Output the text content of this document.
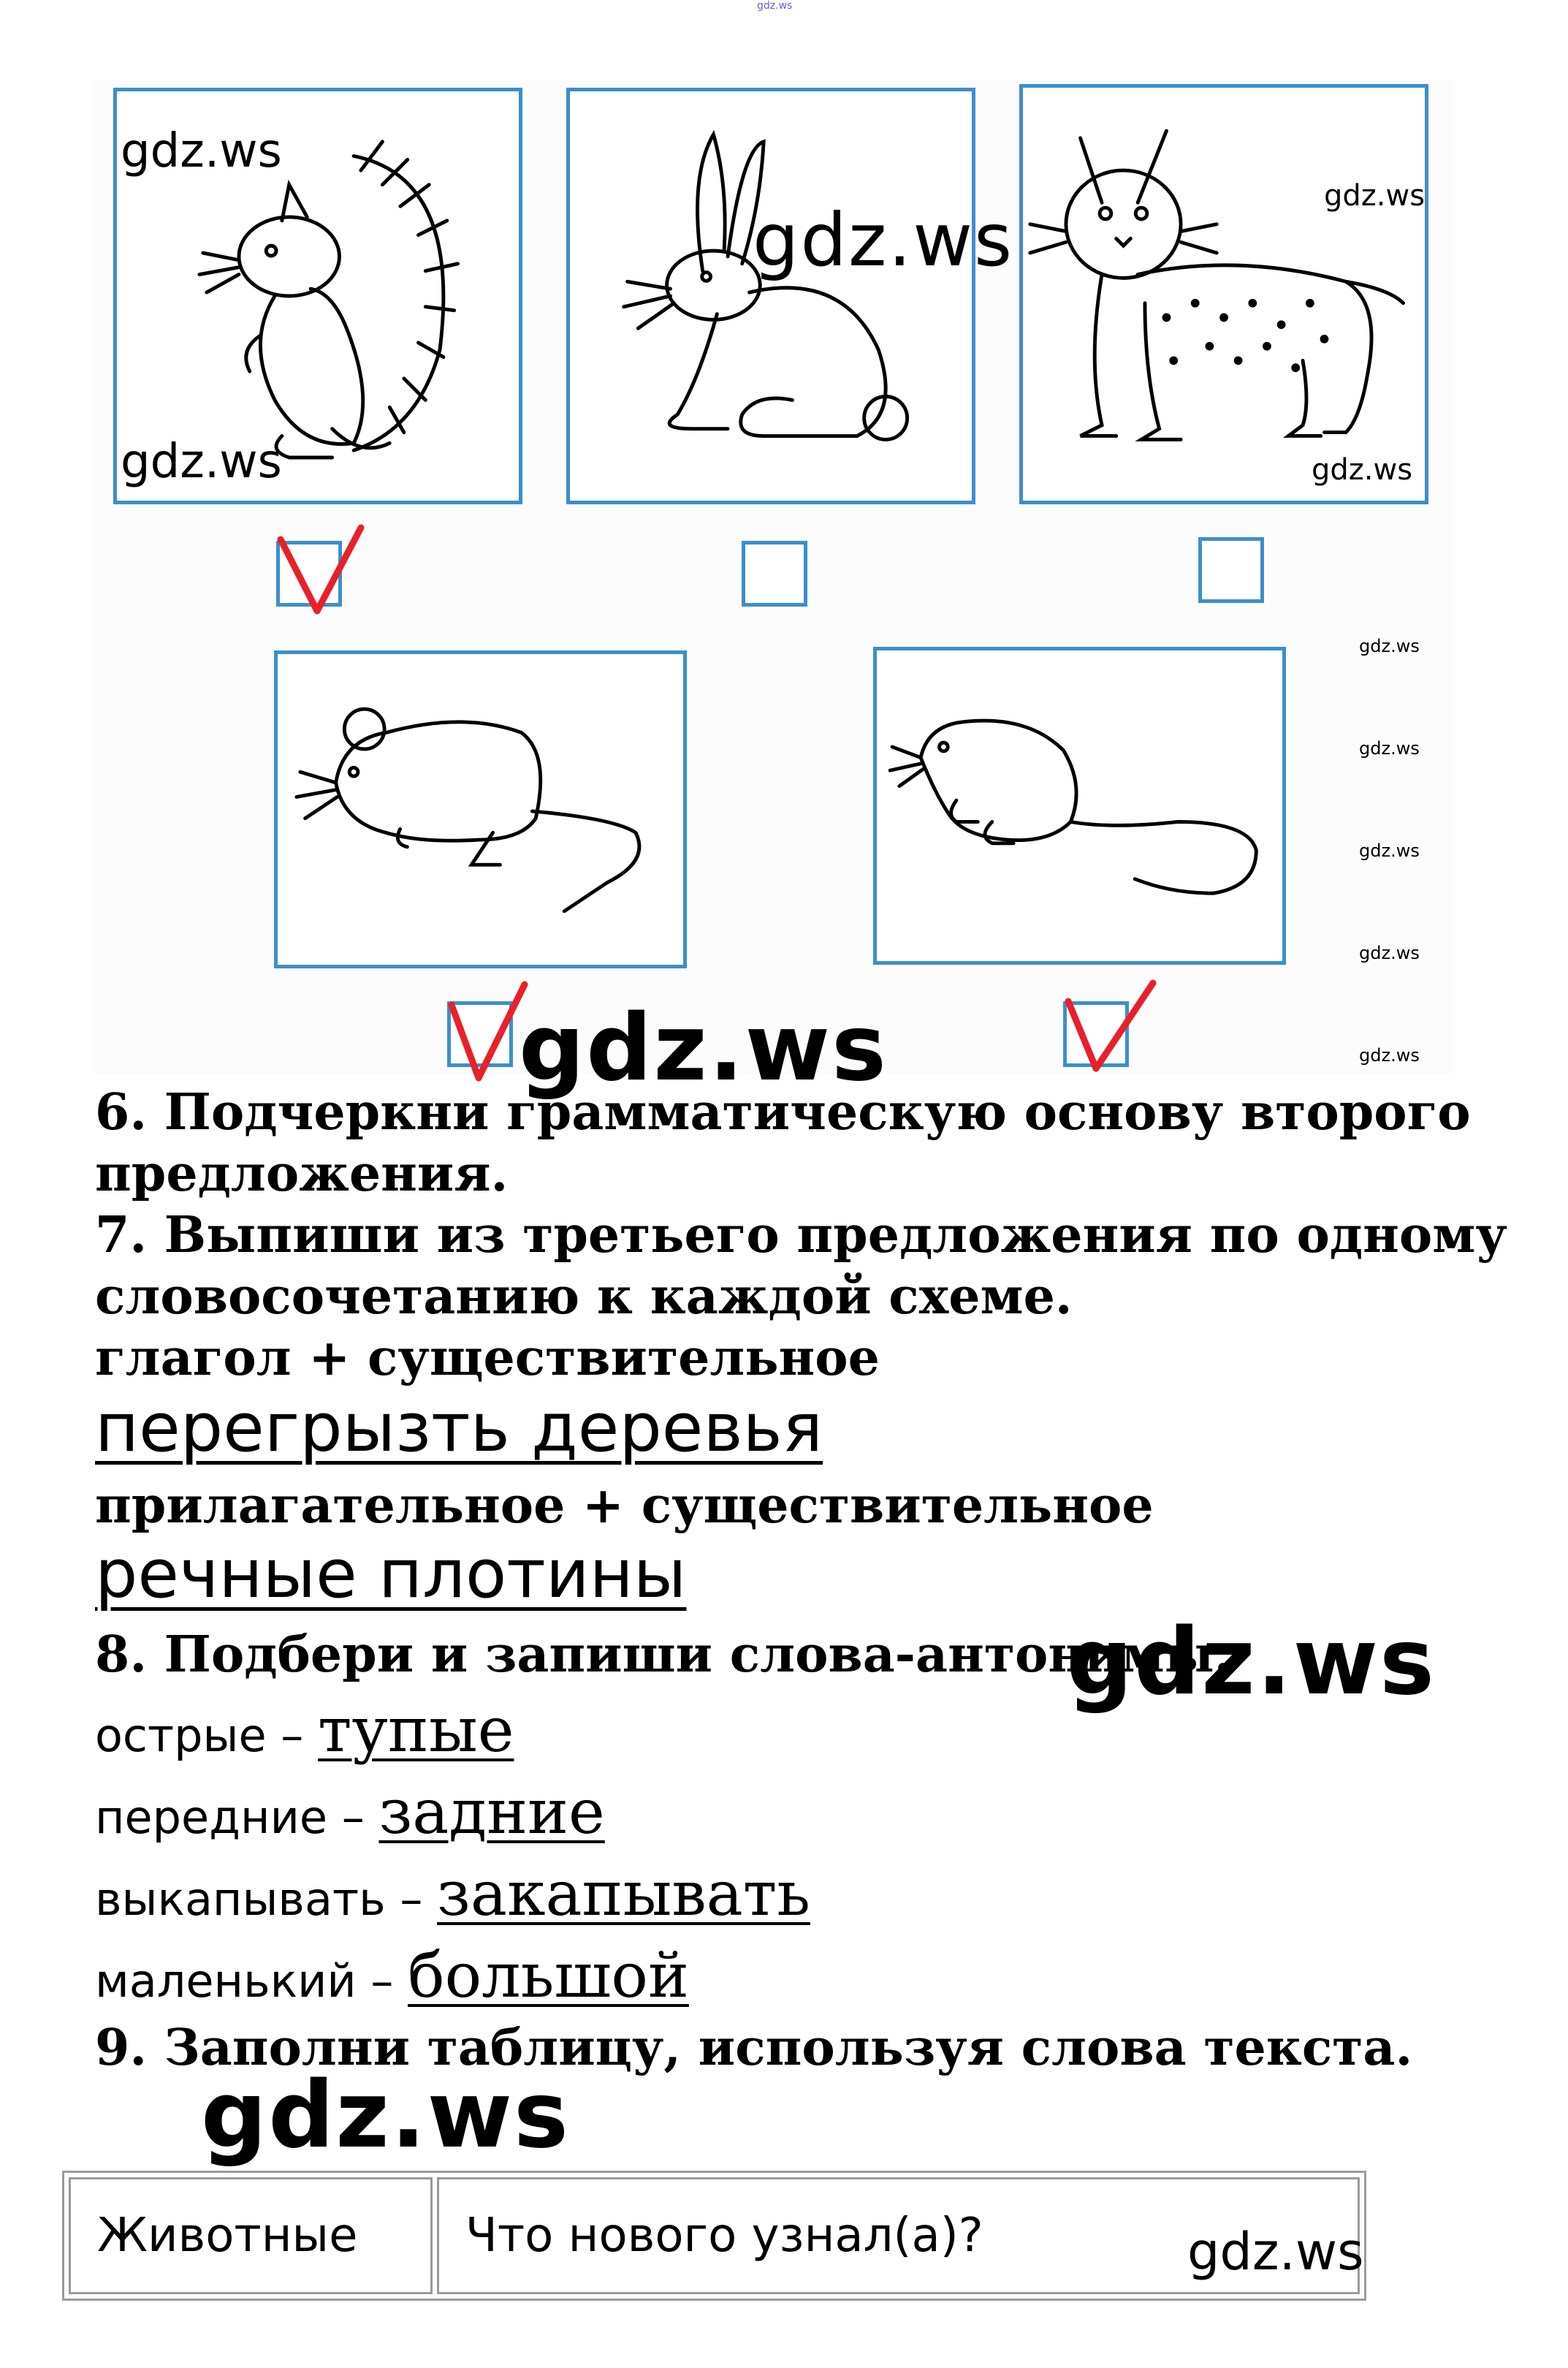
gdz.ws
gdz.ws
gdz.ws
gdz.ws
gdz.ws
gdz.ws
gdz.ws
gdz.ws
gdz.ws
gdz.ws
gdz.ws
gdz.ws
6. Подчеркни грамматическую основу второго
предложения.
7. Выпиши из третьего предложения по одному
словосочетанию к каждой схеме.
глагол + существительное
перегрызть деревья
прилагательное + существительное
речные плотины
8. Подбери и запиши слова-антонимы.
gdz.ws
острые – тупые
передние – задние
выкапывать – закапывать
маленький – большой
9. Заполни таблицу, используя слова текста.
gdz.ws
Животные	Что нового узнал(а)?	gdz.ws
